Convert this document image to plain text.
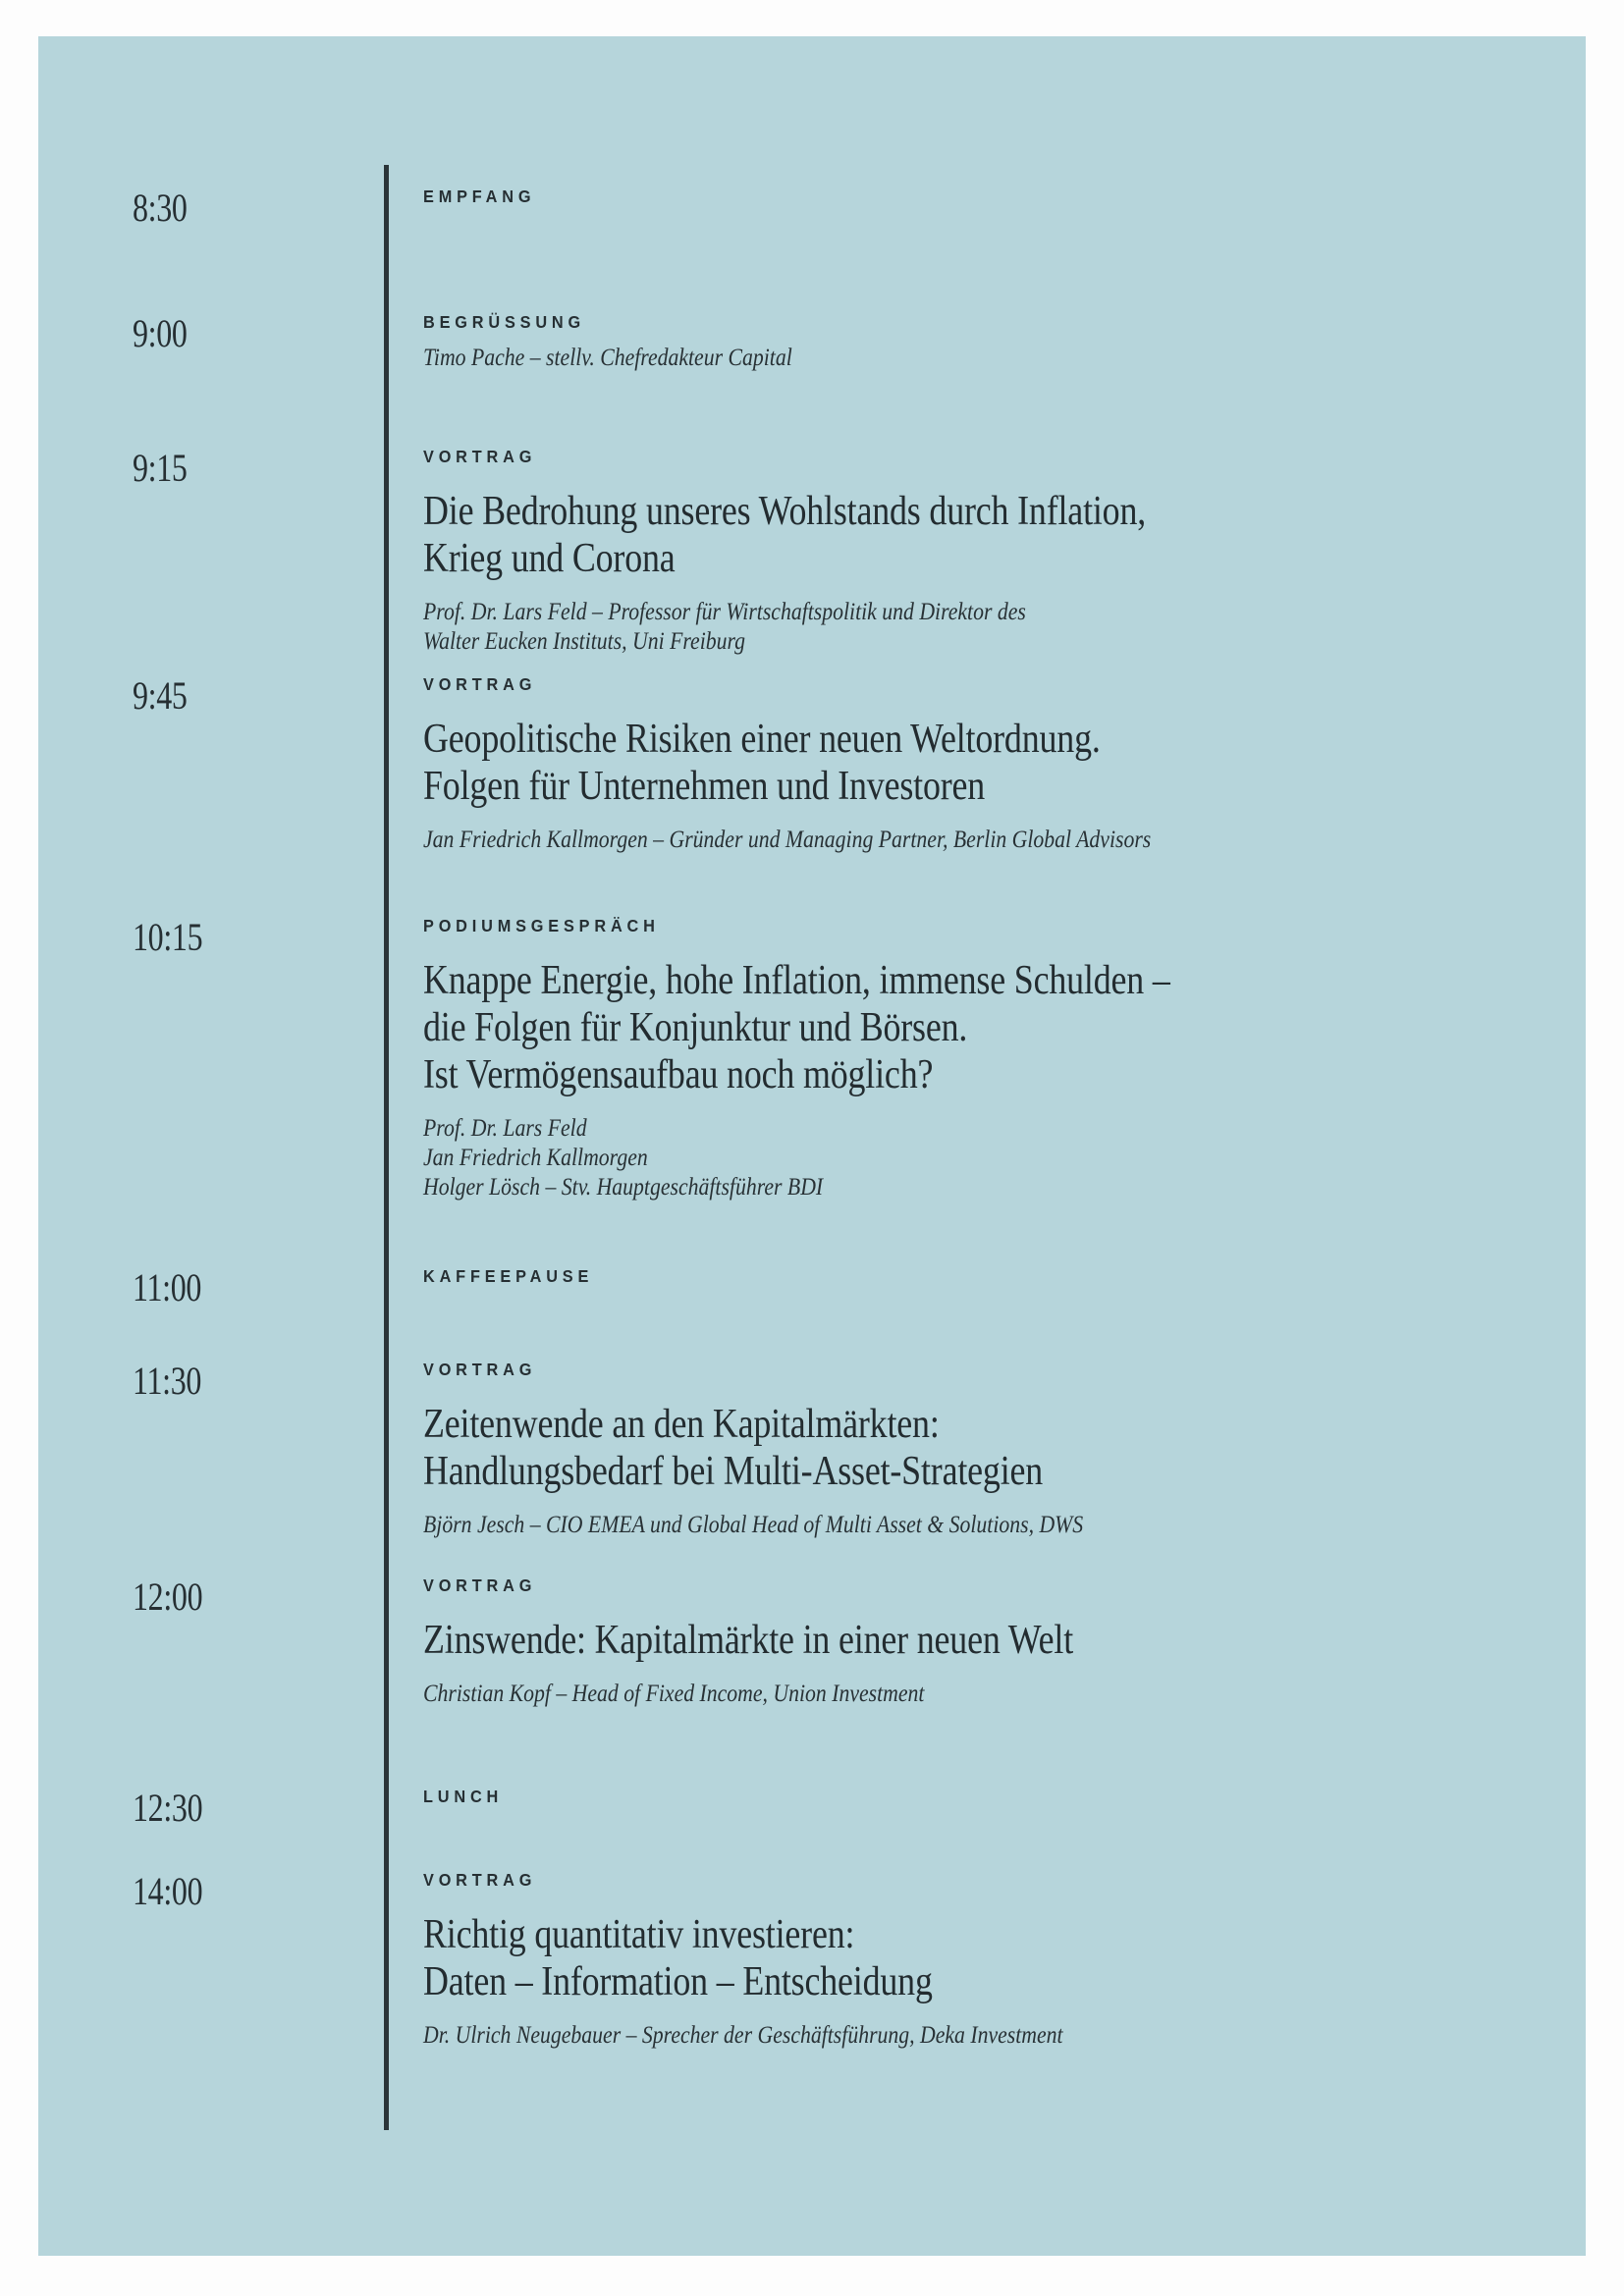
8:30	EMPFANG
9:00	BEGRÜSSUNG
Timo Pache – stellv. Chefredakteur Capital
9:15	VORTRAG
Die Bedrohung unseres Wohlstands durch Inflation,
Krieg und Corona
Prof. Dr. Lars Feld – Professor für Wirtschaftspolitik und Direktor des
Walter Eucken Instituts, Uni Freiburg
9:45	VORTRAG
Geopolitische Risiken einer neuen Weltordnung.
Folgen für Unternehmen und Investoren
Jan Friedrich Kallmorgen – Gründer und Managing Partner, Berlin Global Advisors
10:15	PODIUMSGESPRÄCH
Knappe Energie, hohe Inflation, immense Schulden –
die Folgen für Konjunktur und Börsen.
Ist Vermögensaufbau noch möglich?
Prof. Dr. Lars Feld
Jan Friedrich Kallmorgen
Holger Lösch – Stv. Hauptgeschäftsführer BDI
11:00	KAFFEEPAUSE
11:30	VORTRAG
Zeitenwende an den Kapitalmärkten:
Handlungsbedarf bei Multi-Asset-Strategien
Björn Jesch – CIO EMEA und Global Head of Multi Asset & Solutions, DWS
12:00	VORTRAG
Zinswende: Kapitalmärkte in einer neuen Welt
Christian Kopf – Head of Fixed Income, Union Investment
12:30	LUNCH
14:00	VORTRAG
Richtig quantitativ investieren:
Daten – Information – Entscheidung
Dr. Ulrich Neugebauer – Sprecher der Geschäftsführung, Deka Investment
